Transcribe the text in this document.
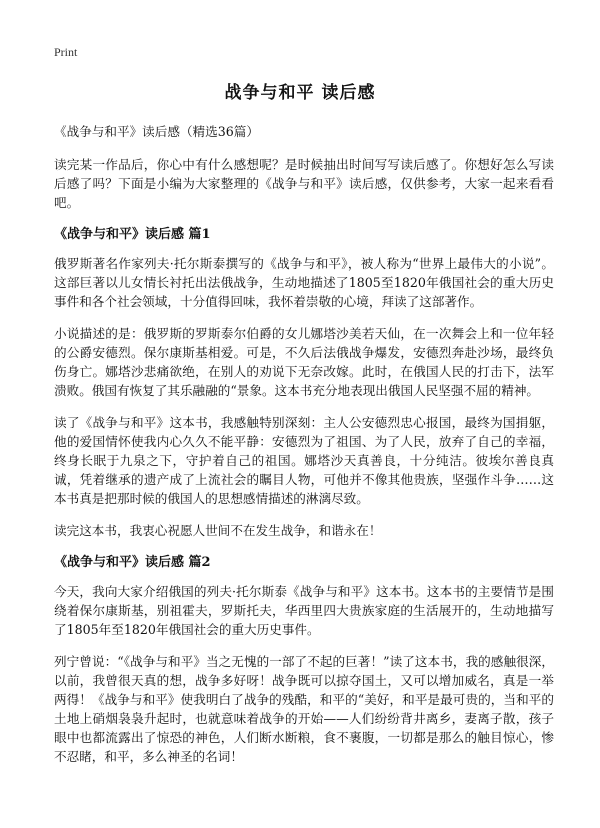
Print
战争与和平 读后感

《战争与和平》读后感（精选36篇）

读完某一作品后，你心中有什么感想呢？是时候抽出时间写写读后感了。你想好怎么写读后感了吗？下面是小编为大家整理的《战争与和平》读后感，仅供参考，大家一起来看看吧。

《战争与和平》读后感 篇1

俄罗斯著名作家列夫·托尔斯泰撰写的《战争与和平》，被人称为“世界上最伟大的小说”。这部巨著以儿女情长衬托出法俄战争，生动地描述了1805至1820年俄国社会的重大历史事件和各个社会领域，十分值得回味，我怀着崇敬的心境，拜读了这部著作。

小说描述的是：俄罗斯的罗斯泰尔伯爵的女儿娜塔沙美若天仙，在一次舞会上和一位年轻的公爵安德烈。保尔康斯基相爱。可是，不久后法俄战争爆发，安德烈奔赴沙场，最终负伤身亡。娜塔沙悲痛欲绝，在别人的劝说下无奈改嫁。此时，在俄国人民的打击下，法军溃败。俄国有恢复了其乐融融的“景象。这本书充分地表现出俄国人民坚强不屈的精神。

读了《战争与和平》这本书，我感触特别深刻：主人公安德烈忠心报国，最终为国捐躯，他的爱国情怀使我内心久久不能平静：安德烈为了祖国、为了人民，放弃了自己的幸福，终身长眠于九泉之下，守护着自己的祖国。娜塔沙天真善良，十分纯洁。彼埃尔善良真诚，凭着继承的遗产成了上流社会的瞩目人物，可他并不像其他贵族，坚强作斗争……这本书真是把那时候的俄国人的思想感情描述的淋漓尽致。

读完这本书，我衷心祝愿人世间不在发生战争，和谐永在！

《战争与和平》读后感 篇2

今天，我向大家介绍俄国的列夫·托尔斯泰《战争与和平》这本书。这本书的主要情节是围绕着保尔康斯基，别祖霍夫，罗斯托夫，华西里四大贵族家庭的生活展开的，生动地描写了1805年至1820年俄国社会的重大历史事件。

列宁曾说：“《战争与和平》当之无愧的一部了不起的巨著！”读了这本书，我的感触很深，以前，我曾很天真的想，战争多好呀！战争既可以掠夺国土，又可以增加威名，真是一举两得！《战争与和平》使我明白了战争的残酷，和平的“美好，和平是最可贵的，当和平的土地上硝烟袅袅升起时，也就意味着战争的开始——人们纷纷背井离乡，妻离子散，孩子眼中也都流露出了惊恐的神色，人们断水断粮，食不裹腹，一切都是那么的触目惊心，惨不忍睹，和平，多么神圣的名词！
